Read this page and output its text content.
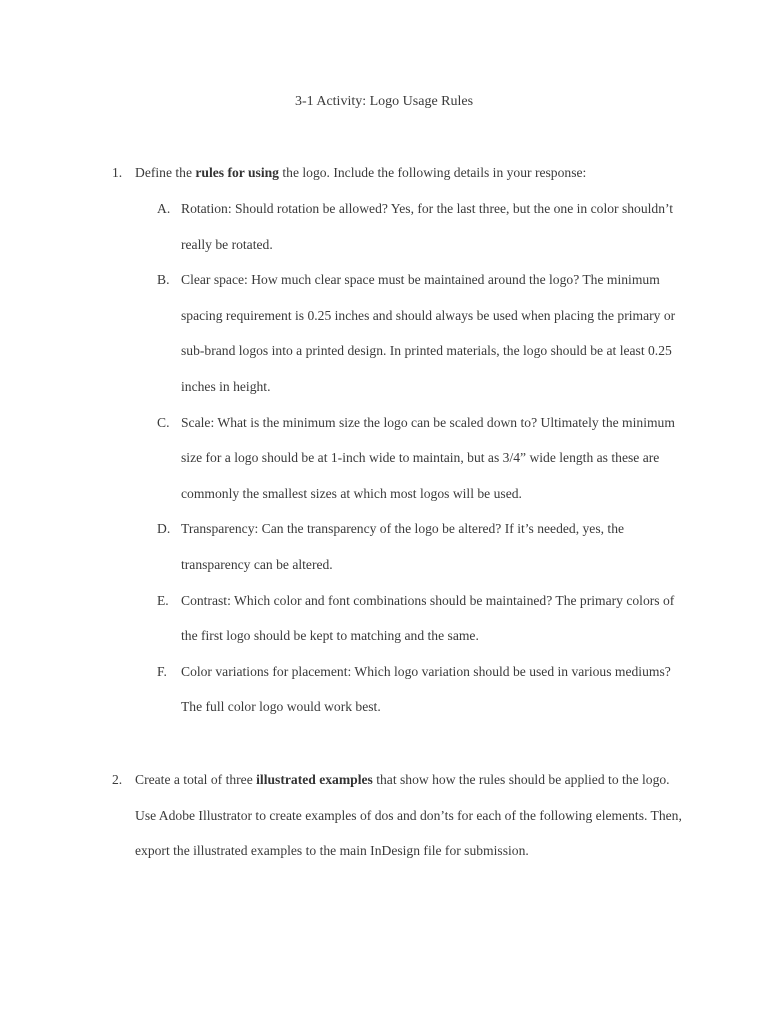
3-1 Activity: Logo Usage Rules
1. Define the rules for using the logo. Include the following details in your response:
A. Rotation: Should rotation be allowed? Yes, for the last three, but the one in color shouldn’t really be rotated.
B. Clear space: How much clear space must be maintained around the logo? The minimum spacing requirement is 0.25 inches and should always be used when placing the primary or sub-brand logos into a printed design. In printed materials, the logo should be at least 0.25 inches in height.
C. Scale: What is the minimum size the logo can be scaled down to? Ultimately the minimum size for a logo should be at 1-inch wide to maintain, but as 3/4” wide length as these are commonly the smallest sizes at which most logos will be used.
D. Transparency: Can the transparency of the logo be altered? If it’s needed, yes, the transparency can be altered.
E. Contrast: Which color and font combinations should be maintained? The primary colors of the first logo should be kept to matching and the same.
F. Color variations for placement: Which logo variation should be used in various mediums? The full color logo would work best.
2. Create a total of three illustrated examples that show how the rules should be applied to the logo. Use Adobe Illustrator to create examples of dos and don’ts for each of the following elements. Then, export the illustrated examples to the main InDesign file for submission.
